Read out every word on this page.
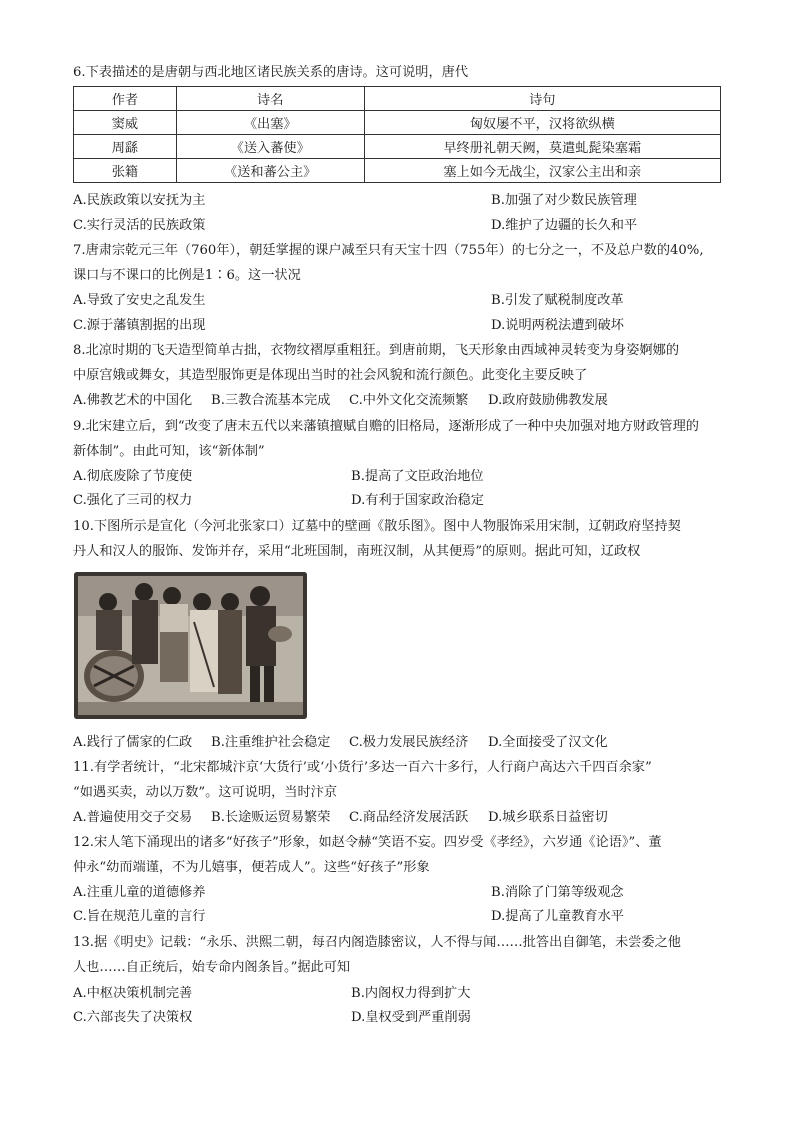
6.下表描述的是唐朝与西北地区诸民族关系的唐诗。这可说明，唐代
作者	诗名	诗句
窦威	《出塞》	匈奴屡不平，汉将欲纵横
周繇	《送入蕃使》	早终册礼朝天阙，莫遣虬髭染塞霜
张籍	《送和蕃公主》	塞上如今无战尘，汉家公主出和亲
A.民族政策以安抚为主	B.加强了对少数民族管理
C.实行灵活的民族政策	D.维护了边疆的长久和平
7.唐肃宗乾元三年（760年），朝廷掌握的课户减至只有天宝十四（755年）的七分之一，不及总户数的40%,
课口与不课口的比例是1∶6。这一状况
A.导致了安史之乱发生	B.引发了赋税制度改革
C.源于藩镇割据的出现	D.说明两税法遭到破坏
8.北凉时期的飞天造型简单古拙，衣物纹褶厚重粗狂。到唐前期，飞天形象由西域神灵转变为身姿婀娜的
中原宫娥或舞女，其造型服饰更是体现出当时的社会风貌和流行颜色。此变化主要反映了
A.佛教艺术的中国化 B.三教合流基本完成 C.中外文化交流频繁 D.政府鼓励佛教发展
9.北宋建立后，到“改变了唐末五代以来藩镇擅赋自赡的旧格局，逐渐形成了一种中央加强对地方财政管理的
新体制”。由此可知，该“新体制”
A.彻底废除了节度使	B.提高了文臣政治地位
C.强化了三司的权力	D.有利于国家政治稳定
10.下图所示是宣化（今河北张家口）辽墓中的壁画《散乐图》。图中人物服饰采用宋制，辽朝政府坚持契
丹人和汉人的服饰、发饰并存，采用“北班国制，南班汉制，从其便焉”的原则。据此可知，辽政权
A.践行了儒家的仁政 B.注重维护社会稳定 C.极力发展民族经济 D.全面接受了汉文化
11.有学者统计，“北宋都城汴京‘大货行’或‘小货行’多达一百六十多行，人行商户高达六千四百余家”
“如遇买卖，动以万数”。这可说明，当时汴京
A.普遍使用交子交易 B.长途贩运贸易繁荣 C.商品经济发展活跃 D.城乡联系日益密切
12.宋人笔下涌现出的诸多“好孩子”形象，如赵令赫“笑语不妄。四岁受《孝经》，六岁通《论语》”、董
仲永“幼而端谨，不为儿嬉事，便若成人”。这些“好孩子”形象
A.注重儿童的道德修养	B.消除了门第等级观念
C.旨在规范儿童的言行	D.提高了儿童教育水平
13.据《明史》记载：“永乐、洪熙二朝，每召内阁造膝密议，人不得与闻……批答出自御笔，未尝委之他
人也……自正统后，始专命内阁条旨。”据此可知
A.中枢决策机制完善	B.内阁权力得到扩大
C.六部丧失了决策权	D.皇权受到严重削弱
